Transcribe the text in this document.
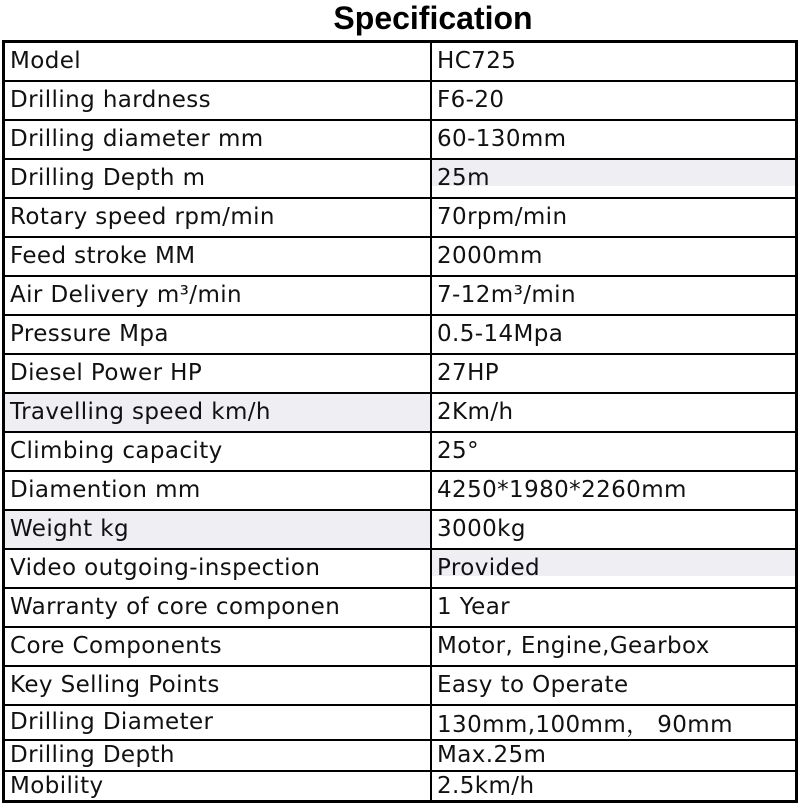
Specification
Model	HC725
Drilling hardness	F6-20
Drilling diameter mm	60-130mm
Drilling Depth m	25m
Rotary speed rpm/min	70rpm/min
Feed stroke MM	2000mm
Air Delivery m³/min	7-12m³/min
Pressure Mpa	0.5-14Mpa
Diesel Power HP	27HP
Travelling speed km/h	2Km/h
Climbing capacity	25°
Diamention mm	4250*1980*2260mm
Weight kg	3000kg
Video outgoing-inspection	Provided
Warranty of core componen	1 Year
Core Components	Motor, Engine,Gearbox
Key Selling Points	Easy to Operate
Drilling Diameter	130mm,100mm， 90mm
Drilling Depth	Max.25m
Mobility	2.5km/h
